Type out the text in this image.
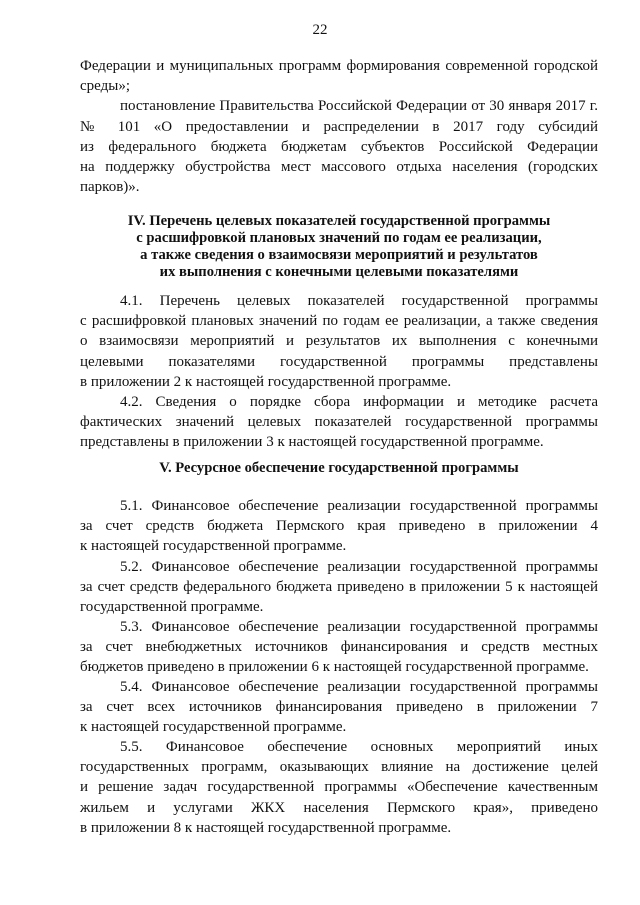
22
Федерации и муниципальных программ формирования современной городской
среды»;
постановление Правительства Российской Федерации от 30 января 2017 г.
№ 101 «О предоставлении и распределении в 2017 году субсидий
из федерального бюджета бюджетам субъектов Российской Федерации
на поддержку обустройства мест массового отдыха населения (городских
парков)».
IV. Перечень целевых показателей государственной программы
с расшифровкой плановых значений по годам ее реализации,
а также сведения о взаимосвязи мероприятий и результатов
их выполнения с конечными целевыми показателями
4.1. Перечень целевых показателей государственной программы
с расшифровкой плановых значений по годам ее реализации, а также сведения
о взаимосвязи мероприятий и результатов их выполнения с конечными
целевыми показателями государственной программы представлены
в приложении 2 к настоящей государственной программе.
4.2. Сведения о порядке сбора информации и методике расчета
фактических значений целевых показателей государственной программы
представлены в приложении 3 к настоящей государственной программе.
V. Ресурсное обеспечение государственной программы
5.1. Финансовое обеспечение реализации государственной программы
за счет средств бюджета Пермского края приведено в приложении 4
к настоящей государственной программе.
5.2. Финансовое обеспечение реализации государственной программы
за счет средств федерального бюджета приведено в приложении 5 к настоящей
государственной программе.
5.3. Финансовое обеспечение реализации государственной программы
за счет внебюджетных источников финансирования и средств местных
бюджетов приведено в приложении 6 к настоящей государственной программе.
5.4. Финансовое обеспечение реализации государственной программы
за счет всех источников финансирования приведено в приложении 7
к настоящей государственной программе.
5.5. Финансовое обеспечение основных мероприятий иных
государственных программ, оказывающих влияние на достижение целей
и решение задач государственной программы «Обеспечение качественным
жильем и услугами ЖКХ населения Пермского края», приведено
в приложении 8 к настоящей государственной программе.
